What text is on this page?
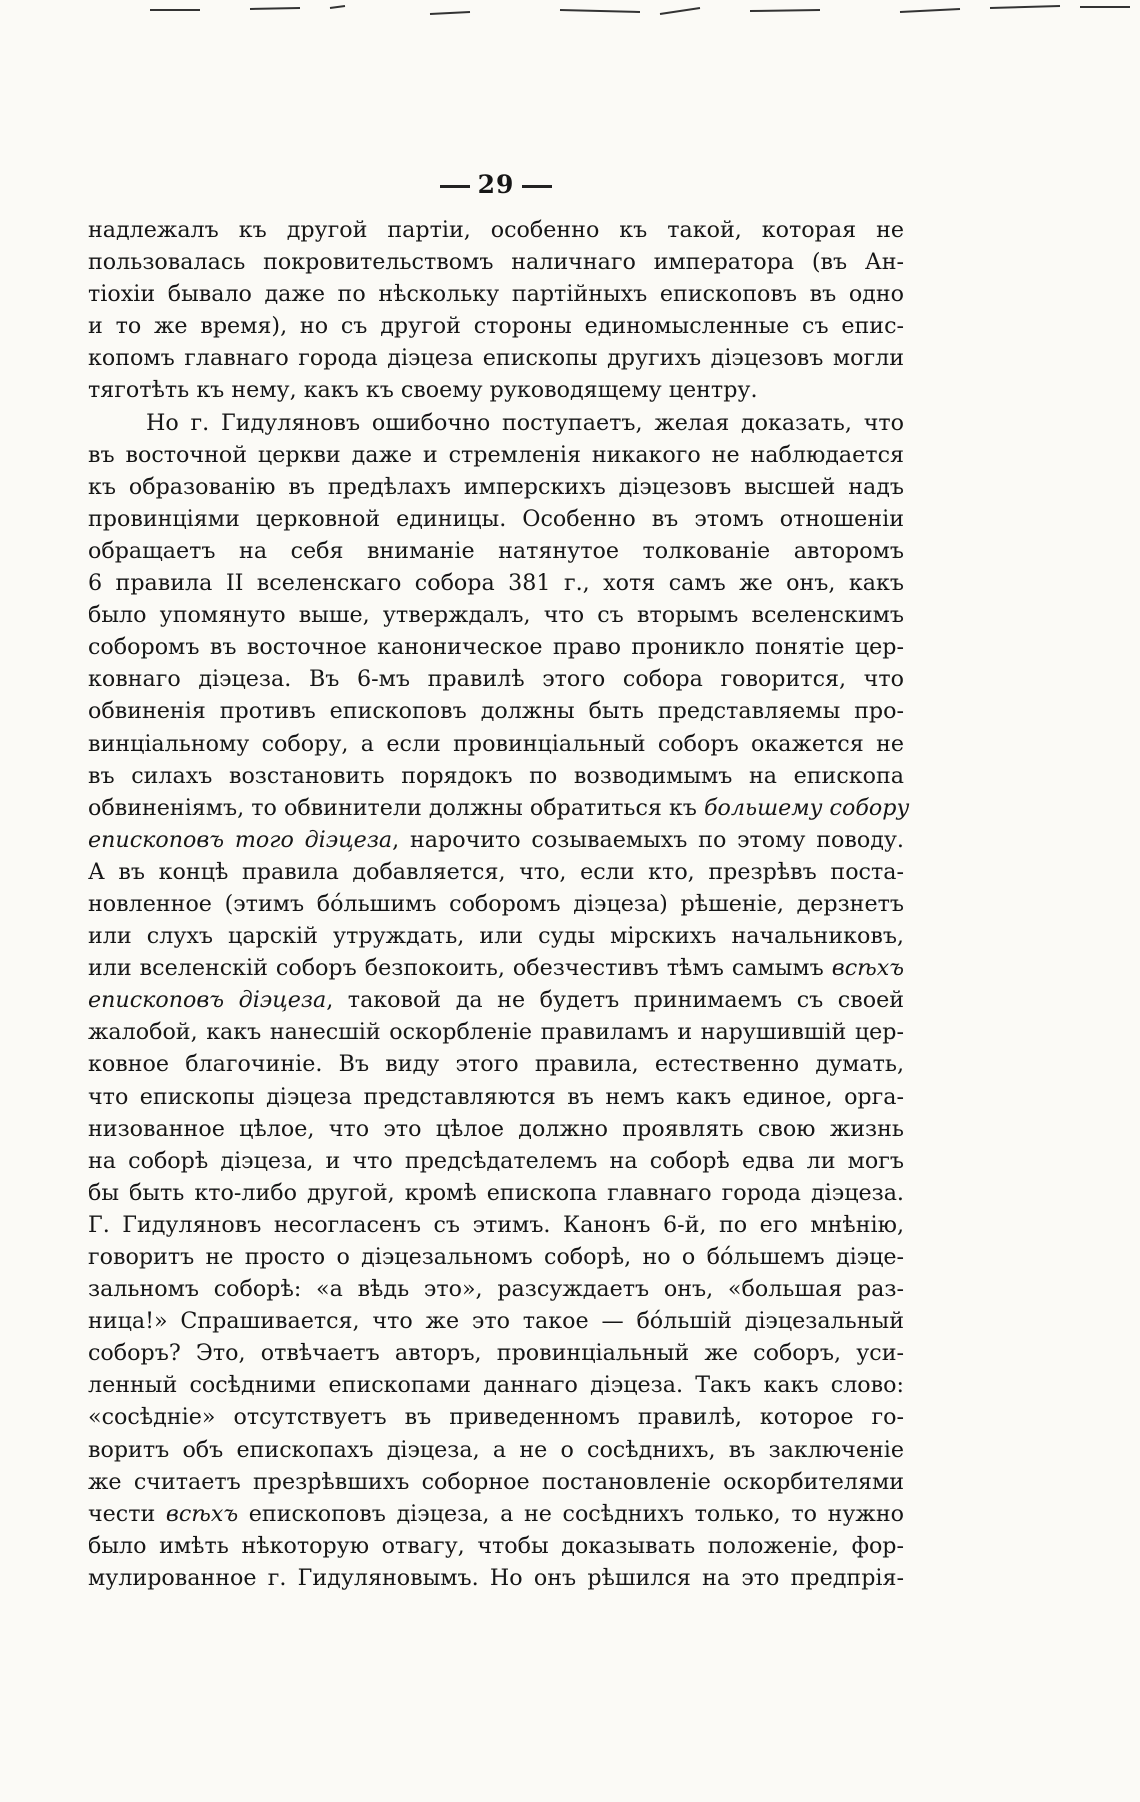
29
надлежалъ къ другой партіи, особенно къ такой, которая не
пользовалась покровительствомъ наличнаго императора (въ Ан-
тіохіи бывало даже по нѣскольку партійныхъ епископовъ въ одно
и то же время), но съ другой стороны единомысленные съ епис-
копомъ главнаго города діэцеза епископы другихъ діэцезовъ могли
тяготѣть къ нему, какъ къ своему руководящему центру.
Но г. Гидуляновъ ошибочно поступаетъ, желая доказать, что
въ восточной церкви даже и стремленія никакого не наблюдается
къ образованію въ предѣлахъ имперскихъ діэцезовъ высшей надъ
провинціями церковной единицы. Особенно въ этомъ отношеніи
обращаетъ на себя вниманіе натянутое толкованіе авторомъ
6 правила II вселенскаго собора 381 г., хотя самъ же онъ, какъ
было упомянуто выше, утверждалъ, что съ вторымъ вселенскимъ
соборомъ въ восточное каноническое право проникло понятіе цер-
ковнаго діэцеза. Въ 6-мъ правилѣ этого собора говорится, что
обвиненія противъ епископовъ должны быть представляемы про-
винціальному собору, а если провинціальный соборъ окажется не
въ силахъ возстановить порядокъ по возводимымъ на епископа
обвиненіямъ, то обвинители должны обратиться къ большему собору
епископовъ того діэцеза, нарочито созываемыхъ по этому поводу.
А въ концѣ правила добавляется, что, если кто, презрѣвъ поста-
новленное (этимъ бо́льшимъ соборомъ діэцеза) рѣшеніе, дерзнетъ
или слухъ царскій утруждать, или суды мірскихъ начальниковъ,
или вселенскій соборъ безпокоить, обезчестивъ тѣмъ самымъ всѣхъ
епископовъ діэцеза, таковой да не будетъ принимаемъ съ своей
жалобой, какъ нанесшій оскорбленіе правиламъ и нарушившій цер-
ковное благочиніе. Въ виду этого правила, естественно думать,
что епископы діэцеза представляются въ немъ какъ единое, орга-
низованное цѣлое, что это цѣлое должно проявлять свою жизнь
на соборѣ діэцеза, и что предсѣдателемъ на соборѣ едва ли могъ
бы быть кто-либо другой, кромѣ епископа главнаго города діэцеза.
Г. Гидуляновъ несогласенъ съ этимъ. Канонъ 6-й, по его мнѣнію,
говоритъ не просто о діэцезальномъ соборѣ, но о бо́льшемъ діэце-
зальномъ соборѣ: «а вѣдь это», разсуждаетъ онъ, «большая раз-
ница!» Спрашивается, что же это такое — бо́льшій діэцезальный
соборъ? Это, отвѣчаетъ авторъ, провинціальный же соборъ, уси-
ленный сосѣдними епископами даннаго діэцеза. Такъ какъ слово:
«сосѣдніе» отсутствуетъ въ приведенномъ правилѣ, которое го-
воритъ объ епископахъ діэцеза, а не о сосѣднихъ, въ заключеніе
же считаетъ презрѣвшихъ соборное постановленіе оскорбителями
чести всѣхъ епископовъ діэцеза, а не сосѣднихъ только, то нужно
было имѣть нѣкоторую отвагу, чтобы доказывать положеніе, фор-
мулированное г. Гидуляновымъ. Но онъ рѣшился на это предпрія-
